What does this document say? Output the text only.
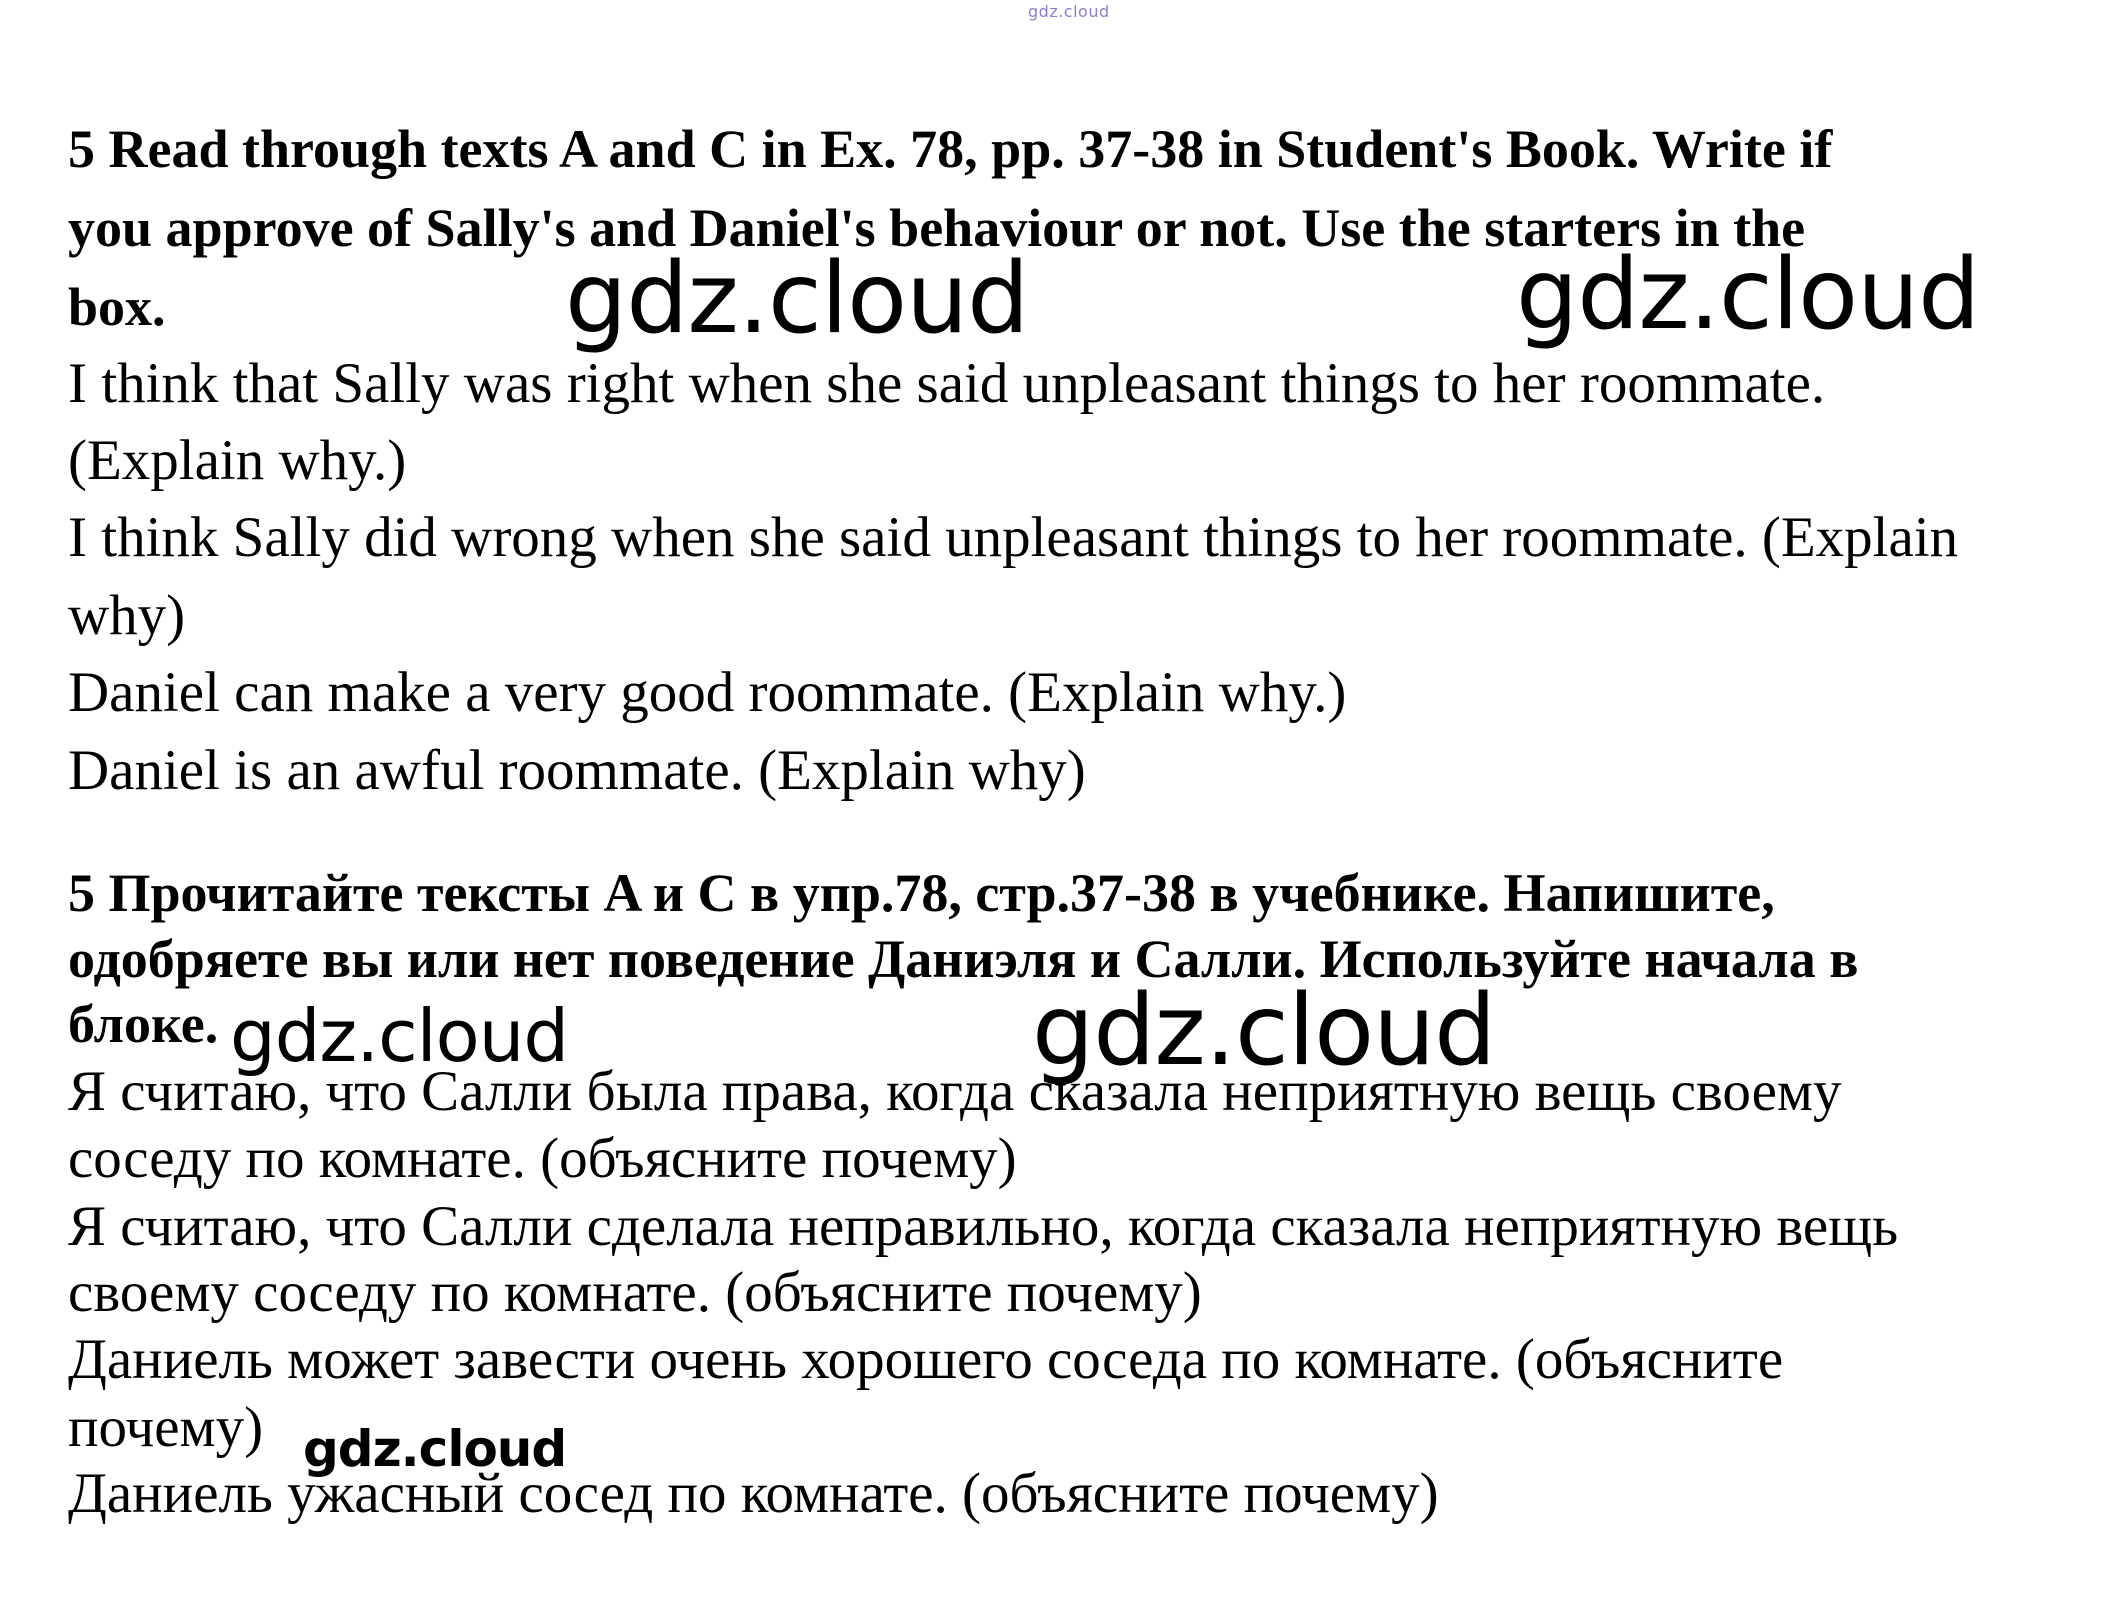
gdz.cloud
5 Read through texts A and C in Ex. 78, pp. 37-38 in Student's Book. Write if
you approve of Sally's and Daniel's behaviour or not. Use the starters in the
box.
I think that Sally was right when she said unpleasant things to her roommate.
(Explain why.)
I think Sally did wrong when she said unpleasant things to her roommate. (Explain
why)
Daniel can make a very good roommate. (Explain why.)
Daniel is an awful roommate. (Explain why)
5 Прочитайте тексты A и C в упр.78, стр.37-38 в учебнике. Напишите,
одобряете вы или нет поведение Даниэля и Салли. Используйте начала в
блоке.
Я считаю, что Салли была права, когда сказала неприятную вещь своему
соседу по комнате. (объясните почему)
Я считаю, что Салли сделала неправильно, когда сказала неприятную вещь
своему соседу по комнате. (объясните почему)
Даниель может завести очень хорошего соседа по комнате. (объясните
почему)
Даниель ужасный сосед по комнате. (объясните почему)
gdz.cloud	gdz.cloud
gdz.cloud	gdz.cloud
gdz.cloud
